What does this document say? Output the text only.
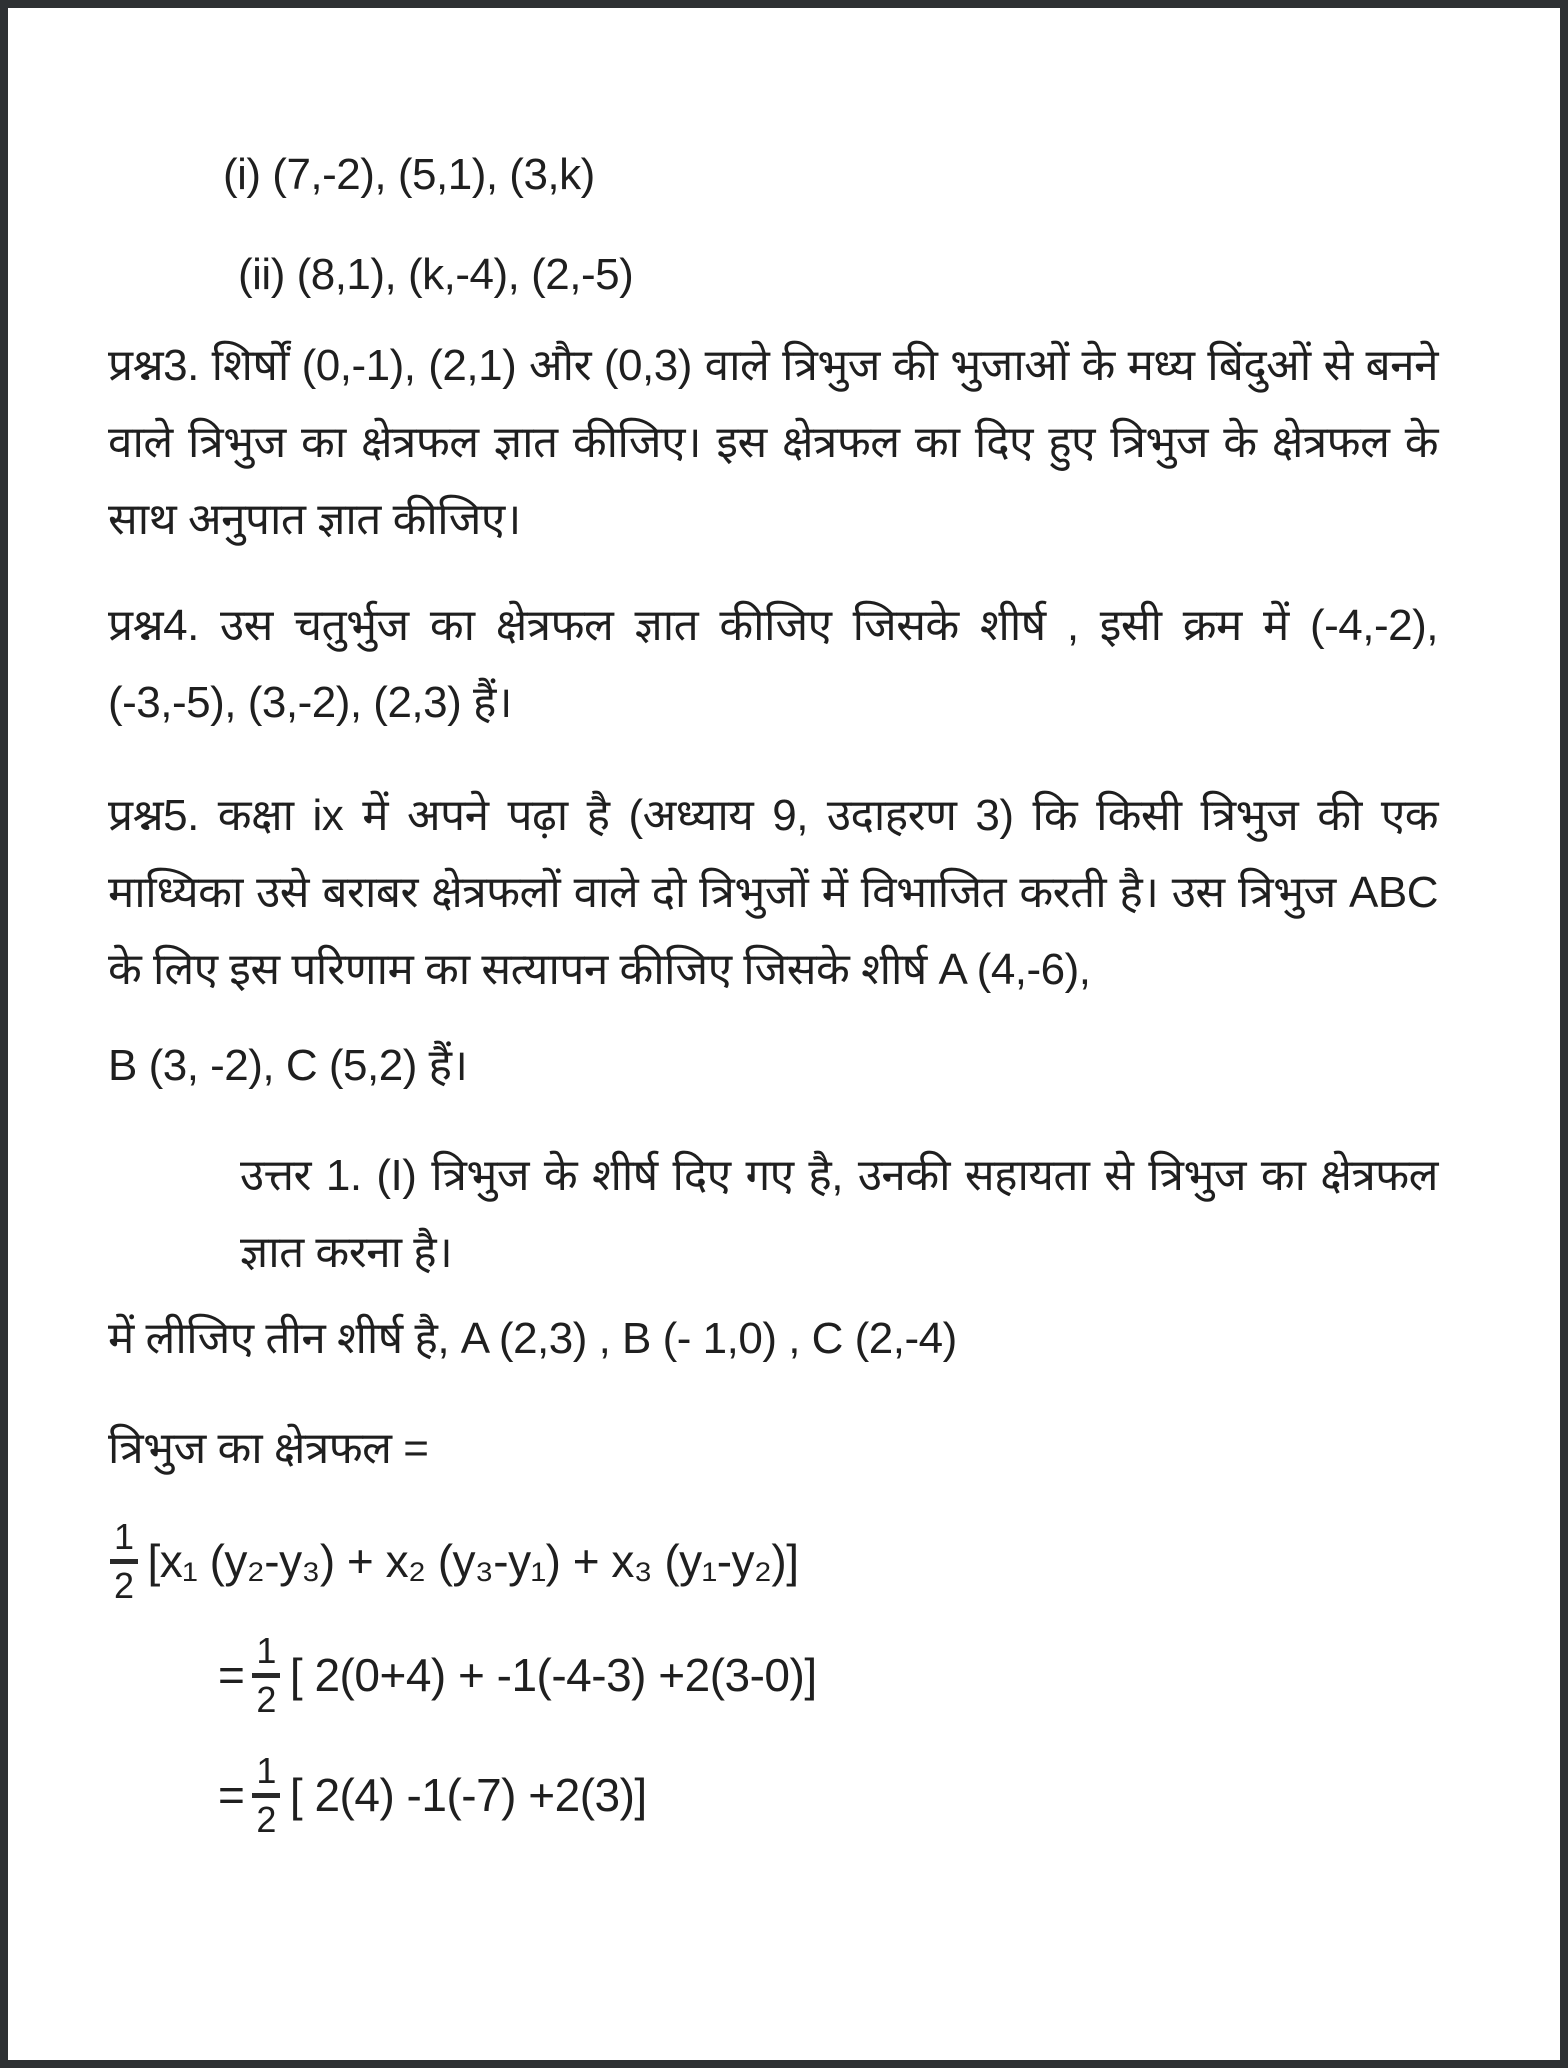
(i) (7,-2), (5,1), (3,k)

(ii) (8,1), (k,-4), (2,-5)

प्रश्न3. शिर्षों (0,-1), (2,1) और (0,3) वाले त्रिभुज की भुजाओं के मध्य बिंदुओं से बनने वाले त्रिभुज का क्षेत्रफल ज्ञात कीजिए। इस क्षेत्रफल का दिए हुए त्रिभुज के क्षेत्रफल के साथ अनुपात ज्ञात कीजिए।

प्रश्न4. उस चतुर्भुज का क्षेत्रफल ज्ञात कीजिए जिसके शीर्ष , इसी क्रम में (-4,-2), (-3,-5), (3,-2), (2,3) हैं।

प्रश्न5. कक्षा ix में अपने पढ़ा है (अध्याय 9, उदाहरण 3) कि किसी त्रिभुज की एक माध्यिका उसे बराबर क्षेत्रफलों वाले दो त्रिभुजों में विभाजित करती है। उस त्रिभुज ABC के लिए इस परिणाम का सत्यापन कीजिए जिसके शीर्ष A (4,-6),

B (3, -2), C (5,2) हैं।

उत्तर 1. (I) त्रिभुज के शीर्ष दिए गए है, उनकी सहायता से त्रिभुज का क्षेत्रफल ज्ञात करना है।

में लीजिए तीन शीर्ष है, A (2,3) , B (- 1,0) , C (2,-4)

त्रिभुज का क्षेत्रफल =

$\frac{1}{2} [x_1$ (y₂-y₃) + x₂ (y₃-y₁) + x₃ (y₁-y₂)]
= $\frac{1}{2}$ [ 2(0+4) + -1(-4-3) +2(3-0)]
= $\frac{1}{2}$ [ 2(4) -1(-7) +2(3)]
